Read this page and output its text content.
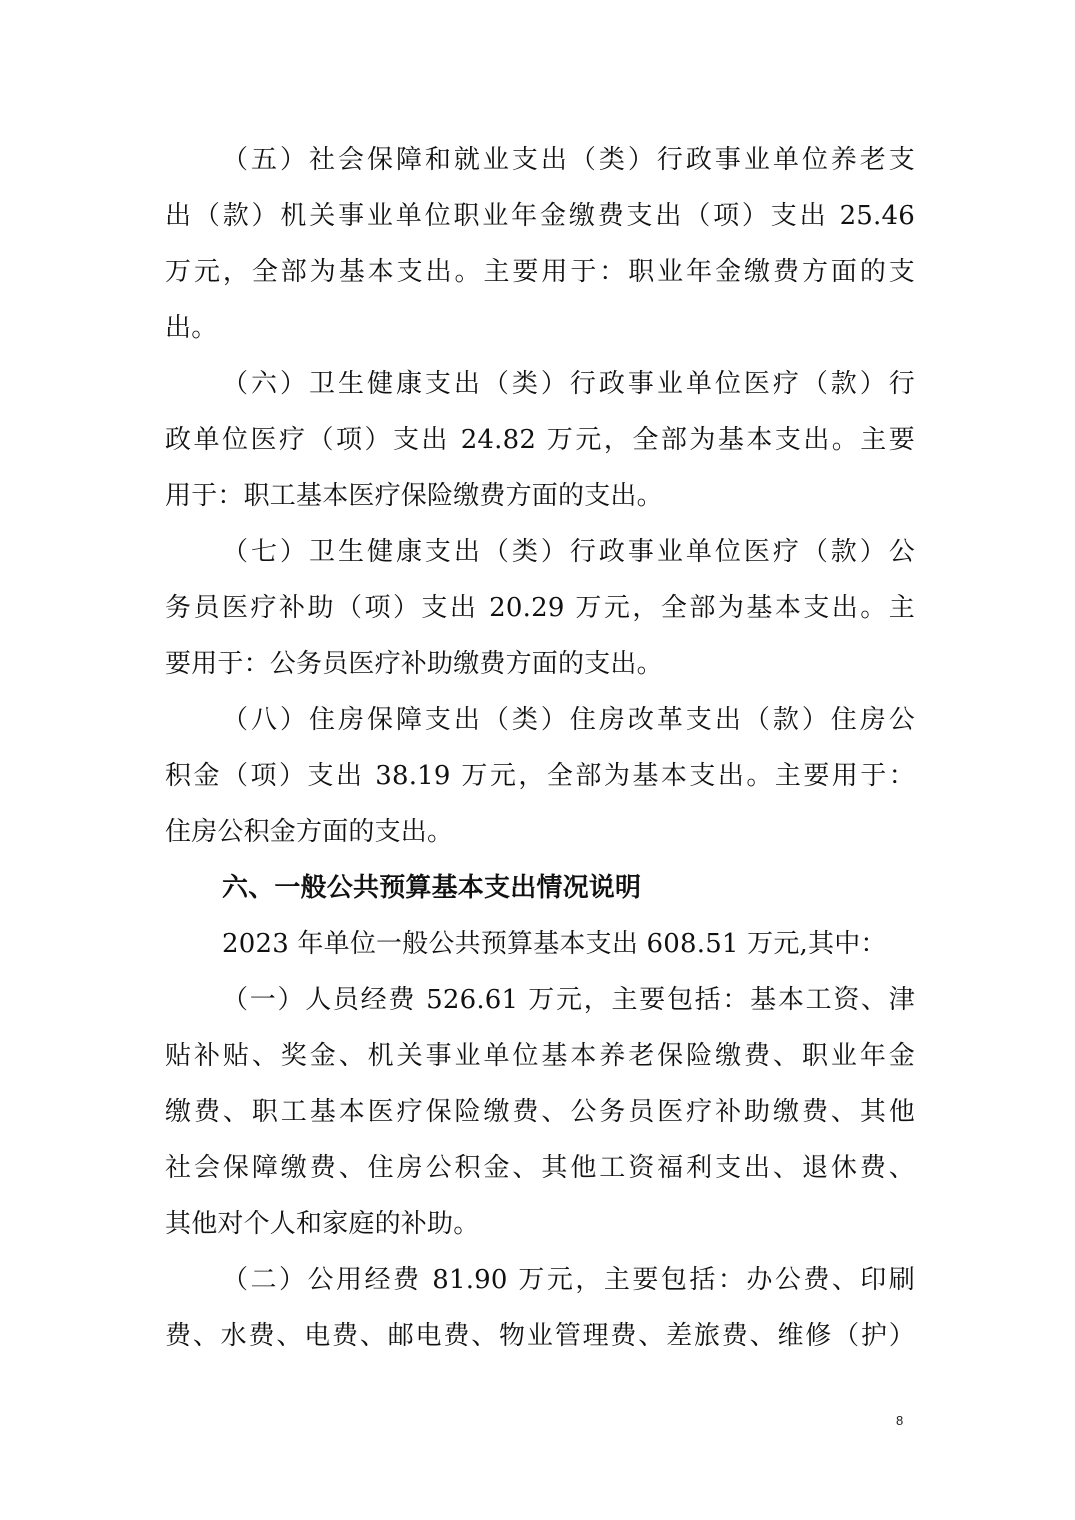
（五）社会保障和就业支出（类）行政事业单位养老支
出（款）机关事业单位职业年金缴费支出（项）支出 25.46
万元，全部为基本支出。主要用于：职业年金缴费方面的支
出。
（六）卫生健康支出（类）行政事业单位医疗（款）行
政单位医疗（项）支出 24.82 万元，全部为基本支出。主要
用于：职工基本医疗保险缴费方面的支出。
（七）卫生健康支出（类）行政事业单位医疗（款）公
务员医疗补助（项）支出 20.29 万元，全部为基本支出。主
要用于：公务员医疗补助缴费方面的支出。
（八）住房保障支出（类）住房改革支出（款）住房公
积金（项）支出 38.19 万元，全部为基本支出。主要用于：
住房公积金方面的支出。
六、一般公共预算基本支出情况说明
2023 年单位一般公共预算基本支出 608.51 万元,其中：
（一）人员经费 526.61 万元，主要包括：基本工资、津
贴补贴、奖金、机关事业单位基本养老保险缴费、职业年金
缴费、职工基本医疗保险缴费、公务员医疗补助缴费、其他
社会保障缴费、住房公积金、其他工资福利支出、退休费、
其他对个人和家庭的补助。
（二）公用经费 81.90 万元，主要包括：办公费、印刷
费、水费、电费、邮电费、物业管理费、差旅费、维修（护）
8
